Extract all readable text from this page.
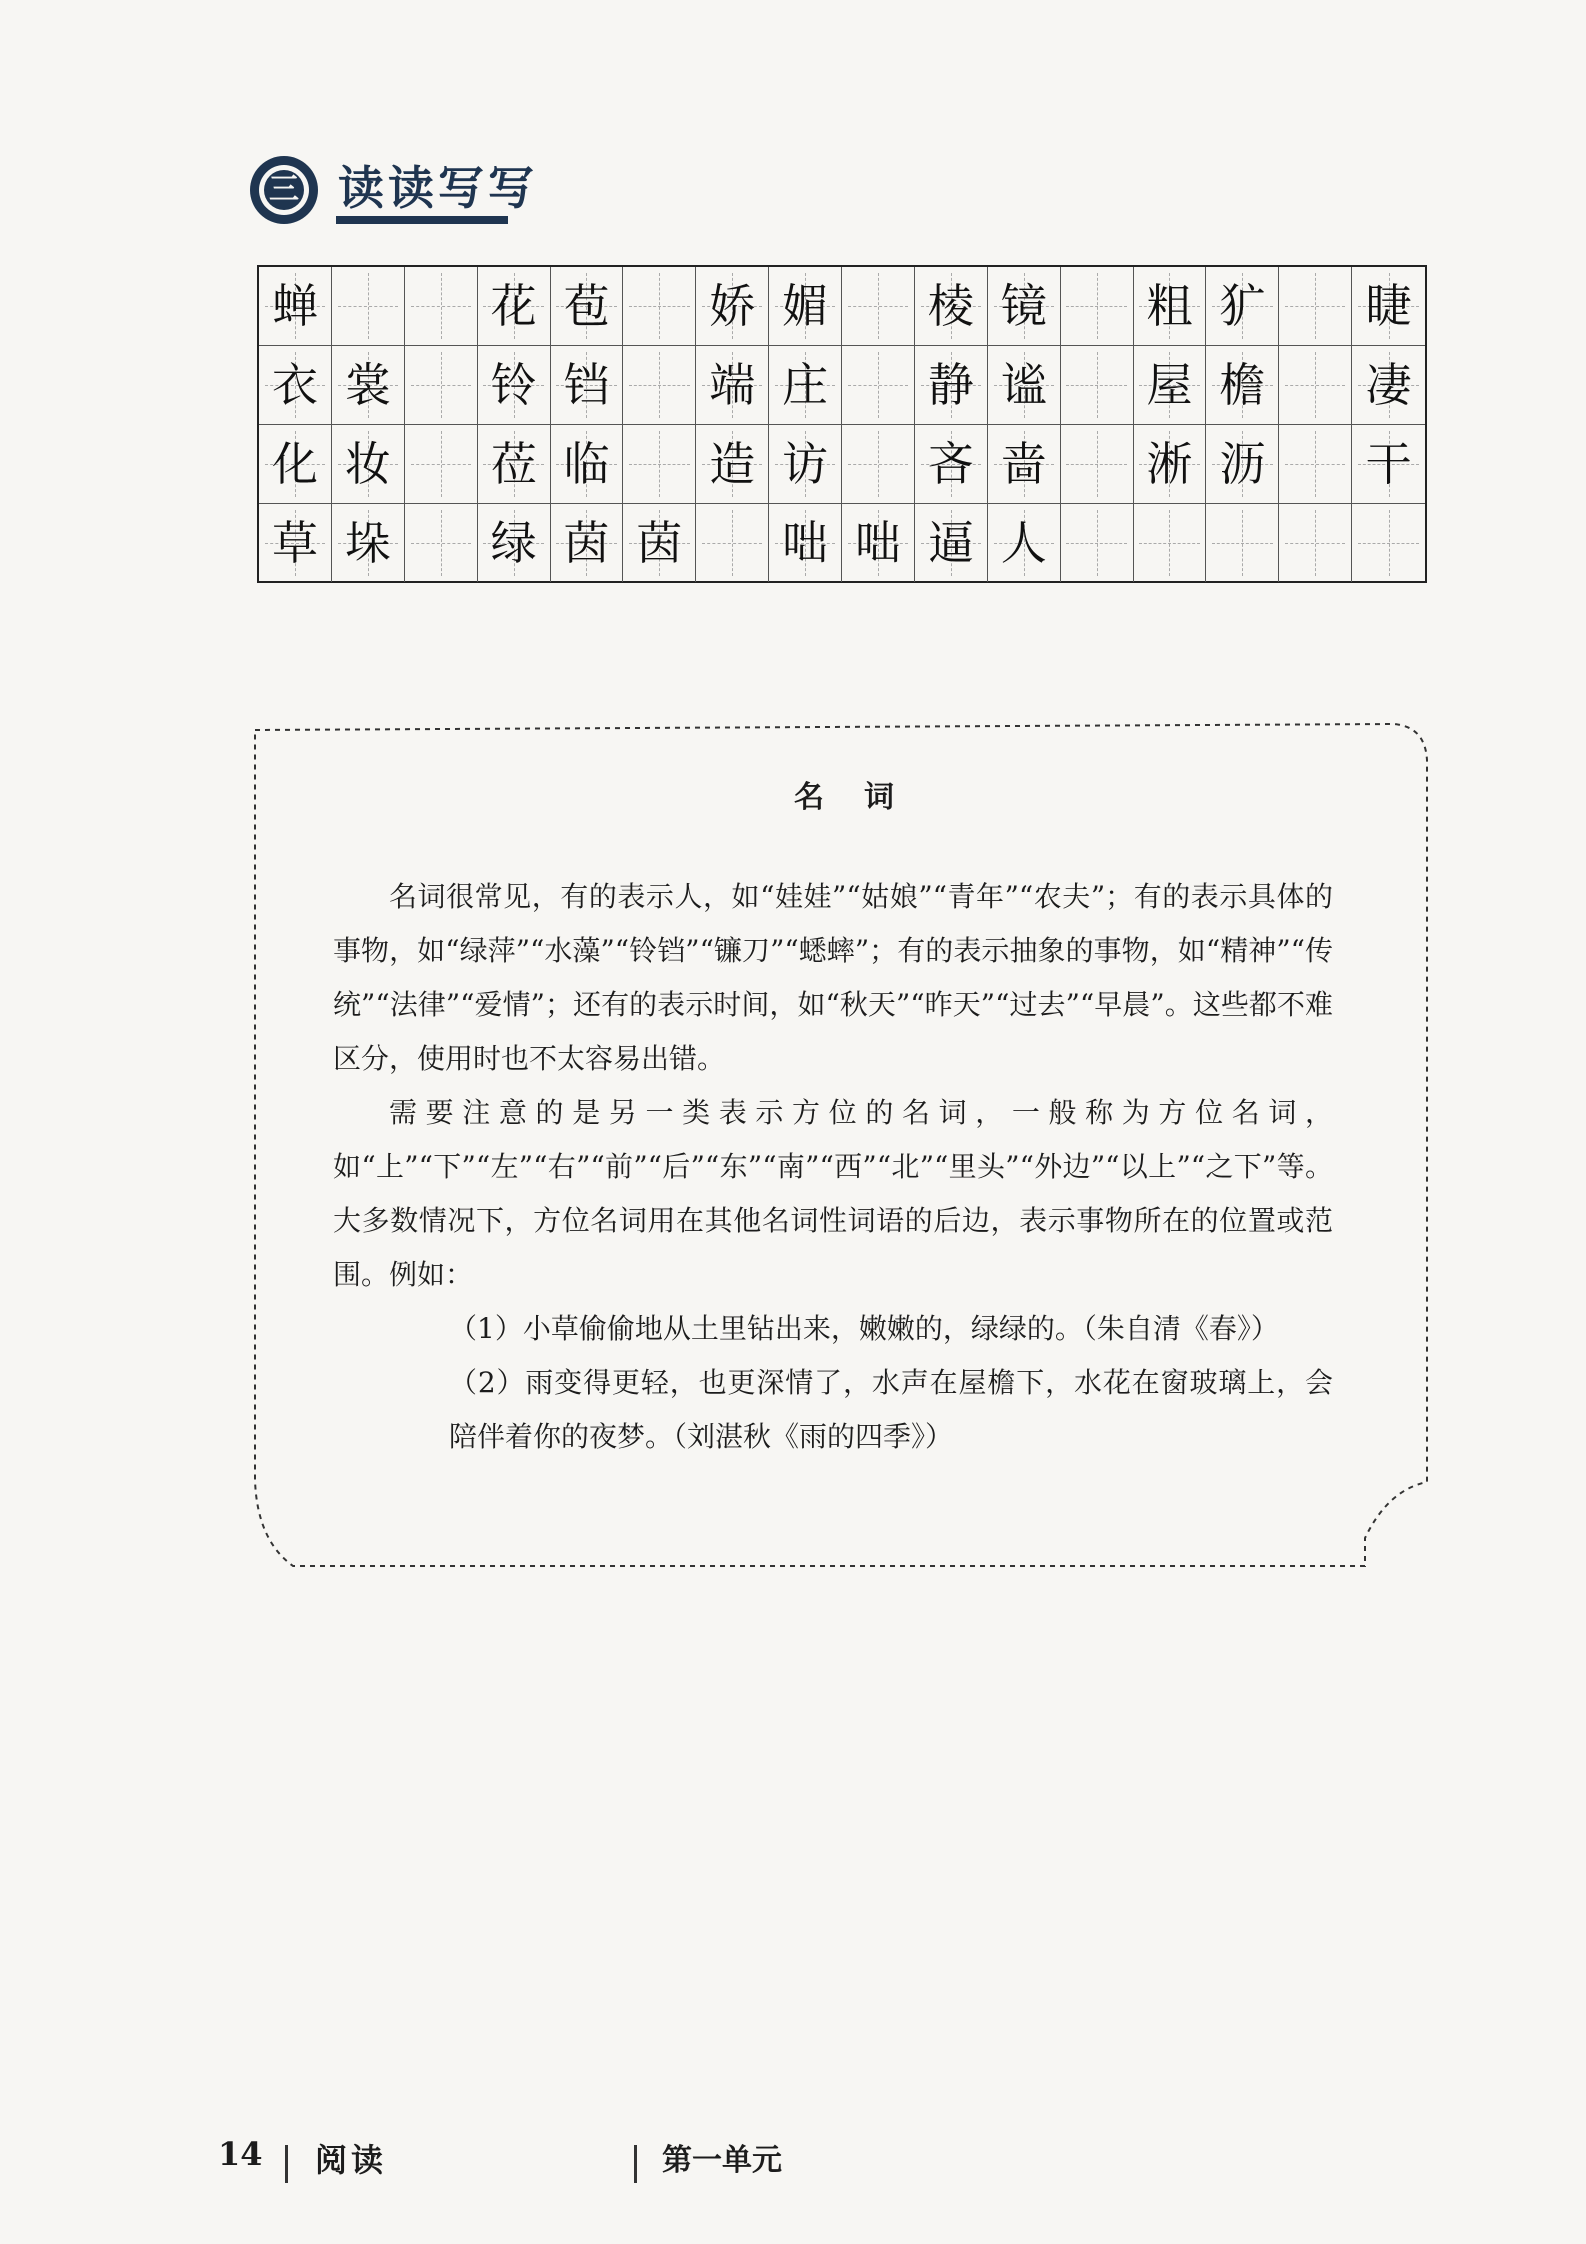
三 读读写写
蝉	花 苞	娇 媚	棱 镜	粗 犷	睫
衣 裳	铃 铛	端 庄	静 谧	屋 檐	凄
化 妆	莅 临	造 访	吝 啬	淅 沥	干
草 垛	绿 茵 茵	咄 咄 逼 人
名词

名词很常见，有的表示人，如“娃娃”“姑娘”“青年”“农夫”；有的表示具体的事物，如“绿萍”“水藻”“铃铛”“镰刀”“蟋蟀”；有的表示抽象的事物，如“精神”“传统”“法律”“爱情”；还有的表示时间，如“秋天”“昨天”“过去”“早晨”。这些都不难区分，使用时也不太容易出错。

需要注意的是另一类表示方位的名词，一般称为方位名词，如“上”“下”“左”“右”“前”“后”“东”“南”“西”“北”“里头”“外边”“以上”“之下”等。大多数情况下，方位名词用在其他名词性词语的后边，表示事物所在的位置或范围。例如：

（1）小草偷偷地从土里钻出来，嫩嫩的，绿绿的。（朱自清《春》）

（2）雨变得更轻，也更深情了，水声在屋檐下，水花在窗玻璃上，会陪伴着你的夜梦。（刘湛秋《雨的四季》）

14 阅读	第一单元
